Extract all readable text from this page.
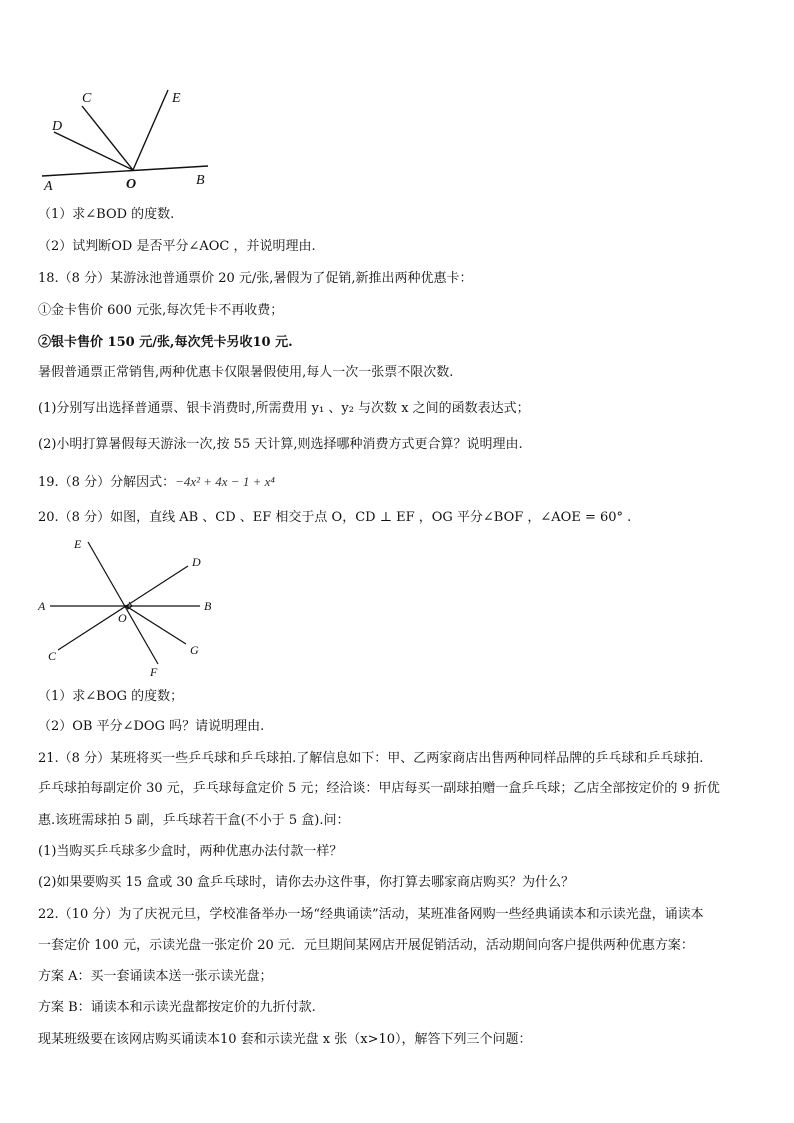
A	O	B
D
C	E
（1）求∠BOD 的度数.
（2）试判断OD 是否平分∠AOC ，并说明理由.
18.（8 分）某游泳池普通票价 20 元/张,暑假为了促销,新推出两种优惠卡：
①金卡售价 600 元张,每次凭卡不再收费；
②银卡售价 150 元/张,每次凭卡另收10 元.
暑假普通票正常销售,两种优惠卡仅限暑假使用,每人一次一张票不限次数.
(1)分别写出选择普通票、银卡消费时,所需费用 y₁ 、y₂ 与次数 x 之间的函数表达式；
(2)小明打算暑假每天游泳一次,按 55 天计算,则选择哪种消费方式更合算？说明理由.
19.（8 分）分解因式：−4x² + 4x − 1 + x⁴
20.（8 分）如图，直线 AB 、CD 、EF 相交于点 O，CD ⊥ EF ，OG 平分∠BOF ，∠AOE = 60° .
E
D
A	B
O
C	G
F
（1）求∠BOG 的度数；
（2）OB 平分∠DOG 吗？请说明理由.
21.（8 分）某班将买一些乒乓球和乒乓球拍.了解信息如下：甲、乙两家商店出售两种同样品牌的乒乓球和乒乓球拍.
乒乓球拍每副定价 30 元，乒乓球每盒定价 5 元；经洽谈：甲店每买一副球拍赠一盒乒乓球；乙店全部按定价的 9 折优
惠.该班需球拍 5 副，乒乓球若干盒(不小于 5 盒).问：
(1)当购买乒乓球多少盒时，两种优惠办法付款一样？
(2)如果要购买 15 盒或 30 盒乒乓球时，请你去办这件事，你打算去哪家商店购买？为什么？
22.（10 分）为了庆祝元旦，学校准备举办一场“经典诵读”活动，某班准备网购一些经典诵读本和示读光盘，诵读本
一套定价 100 元，示读光盘一张定价 20 元．元旦期间某网店开展促销活动，活动期间向客户提供两种优惠方案：
方案 A：买一套诵读本送一张示读光盘；
方案 B：诵读本和示读光盘都按定价的九折付款.
现某班级要在该网店购买诵读本10 套和示读光盘 x 张（x>10），解答下列三个问题：
